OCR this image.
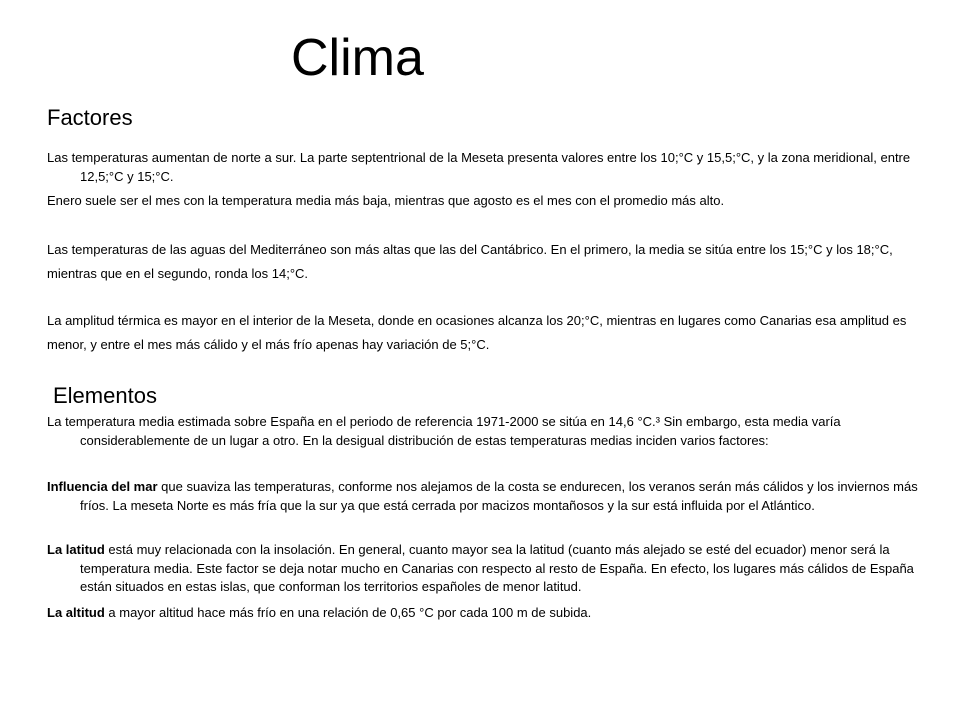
Clima
Factores
Las temperaturas aumentan de norte a sur. La parte septentrional de la Meseta presenta valores entre los 10;°C y 15,5;°C, y la zona meridional, entre 12,5;°C y 15;°C.
Enero suele ser el mes con la temperatura media más baja, mientras que agosto es el mes con el promedio más alto.
Las temperaturas de las aguas del Mediterráneo son más altas que las del Cantábrico. En el primero, la media se sitúa entre los 15;°C y los 18;°C, mientras que en el segundo, ronda los 14;°C.
La amplitud térmica es mayor en el interior de la Meseta, donde en ocasiones alcanza los 20;°C, mientras en lugares como Canarias esa amplitud es menor, y entre el mes más cálido y el más frío apenas hay variación de 5;°C.
Elementos
La temperatura media estimada sobre España en el periodo de referencia 1971-2000 se sitúa en 14,6 °C.³ Sin embargo, esta media varía considerablemente de un lugar a otro. En la desigual distribución de estas temperaturas medias inciden varios factores:
Influencia del mar que suaviza las temperaturas, conforme nos alejamos de la costa se endurecen, los veranos serán más cálidos y los inviernos más fríos. La meseta Norte es más fría que la sur ya que está cerrada por macizos montañosos y la sur está influida por el Atlántico.
La latitud está muy relacionada con la insolación. En general, cuanto mayor sea la latitud (cuanto más alejado se esté del ecuador) menor será la temperatura media. Este factor se deja notar mucho en Canarias con respecto al resto de España. En efecto, los lugares más cálidos de España están situados en estas islas, que conforman los territorios españoles de menor latitud.
La altitud a mayor altitud hace más frío en una relación de 0,65 °C por cada 100 m de subida.
